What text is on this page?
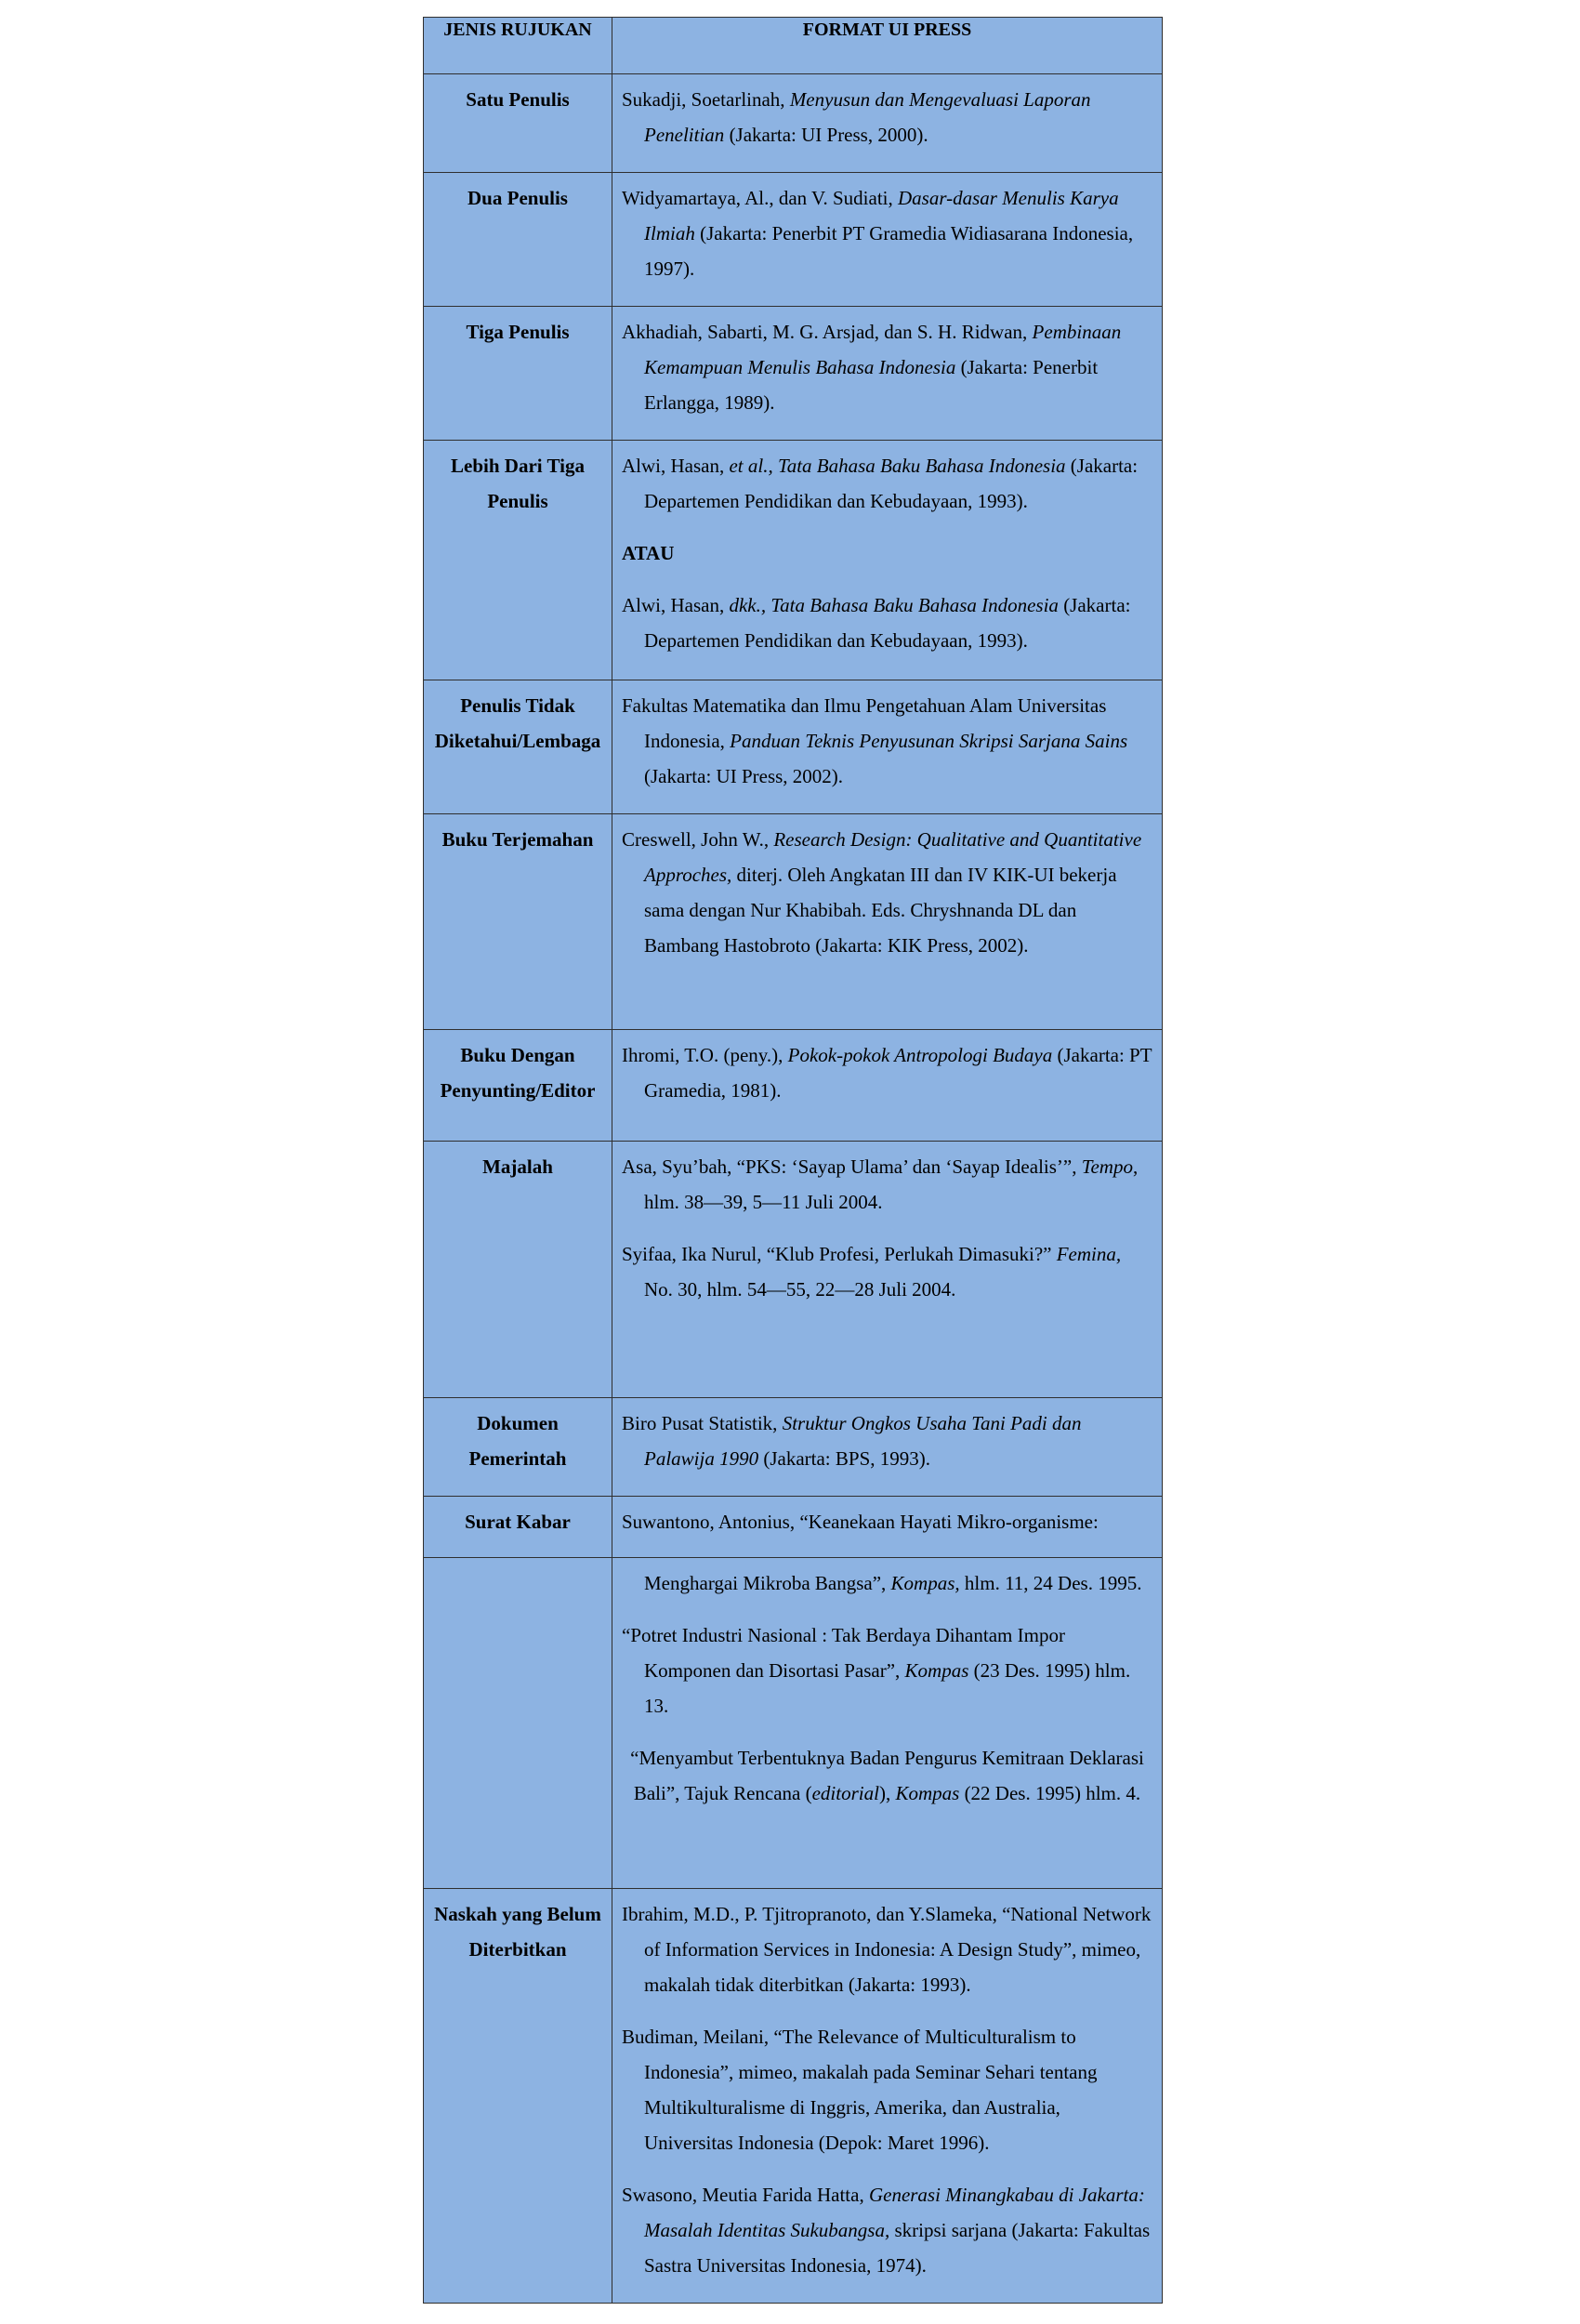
JENIS RUJUKAN	FORMAT UI PRESS
Satu Penulis	Sukadji, Soetarlinah, Menyusun dan Mengevaluasi Laporan Penelitian (Jakarta: UI Press, 2000).

Dua Penulis	Widyamartaya, Al., dan V. Sudiati, Dasar-dasar Menulis Karya Ilmiah (Jakarta: Penerbit PT Gramedia Widiasarana Indonesia, 1997).

Tiga Penulis	Akhadiah, Sabarti, M. G. Arsjad, dan S. H. Ridwan, Pembinaan Kemampuan Menulis Bahasa Indonesia (Jakarta: Penerbit Erlangga, 1989).

Lebih Dari Tiga Penulis	Alwi, Hasan, et al., Tata Bahasa Baku Bahasa Indonesia (Jakarta: Departemen Pendidikan dan Kebudayaan, 1993).

ATAU

Alwi, Hasan, dkk., Tata Bahasa Baku Bahasa Indonesia (Jakarta: Departemen Pendidikan dan Kebudayaan, 1993).

Penulis Tidak Diketahui/Lembaga	Fakultas Matematika dan Ilmu Pengetahuan Alam Universitas Indonesia, Panduan Teknis Penyusunan Skripsi Sarjana Sains (Jakarta: UI Press, 2002).

Buku Terjemahan	Creswell, John W., Research Design: Qualitative and Quantitative Approches, diterj. Oleh Angkatan III dan IV KIK-UI bekerja sama dengan Nur Khabibah. Eds. Chryshnanda DL dan Bambang Hastobroto (Jakarta: KIK Press, 2002).

Buku Dengan Penyunting/Editor	Ihromi, T.O. (peny.), Pokok-pokok Antropologi Budaya (Jakarta: PT Gramedia, 1981).

Majalah	Asa, Syu’bah, “PKS: ‘Sayap Ulama’ dan ‘Sayap Idealis’”, Tempo, hlm. 38—39, 5—11 Juli 2004.

Syifaa, Ika Nurul, “Klub Profesi, Perlukah Dimasuki?” Femina, No. 30, hlm. 54—55, 22—28 Juli 2004.

Dokumen Pemerintah	Biro Pusat Statistik, Struktur Ongkos Usaha Tani Padi dan Palawija 1990 (Jakarta: BPS, 1993).

Surat Kabar	Suwantono, Antonius, “Keanekaan Hayati Mikro-organisme:

	Menghargai Mikroba Bangsa”, Kompas, hlm. 11, 24 Des. 1995.

“Potret Industri Nasional : Tak Berdaya Dihantam Impor Komponen dan Disortasi Pasar”, Kompas (23 Des. 1995) hlm. 13.

“Menyambut Terbentuknya Badan Pengurus Kemitraan Deklarasi Bali”, Tajuk Rencana (editorial), Kompas (22 Des. 1995) hlm. 4.

Naskah yang Belum Diterbitkan	Ibrahim, M.D., P. Tjitropranoto, dan Y.Slameka, “National Network of Information Services in Indonesia: A Design Study”, mimeo, makalah tidak diterbitkan (Jakarta: 1993).

Budiman, Meilani, “The Relevance of Multiculturalism to Indonesia”, mimeo, makalah pada Seminar Sehari tentang Multikulturalisme di Inggris, Amerika, dan Australia, Universitas Indonesia (Depok: Maret 1996).

Swasono, Meutia Farida Hatta, Generasi Minangkabau di Jakarta: Masalah Identitas Sukubangsa, skripsi sarjana (Jakarta: Fakultas Sastra Universitas Indonesia, 1974).
